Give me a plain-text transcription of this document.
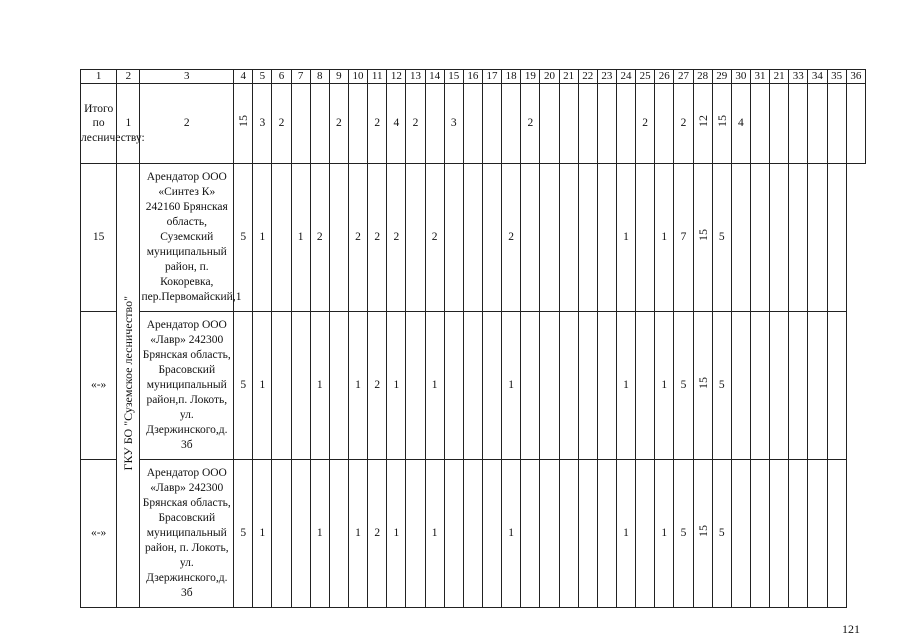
1	2	3	4	5	6	7	8	9	10	11	12	13	14	15	16	17	18	19	20	21	22	23	24	25	26	27	28	29	30	31	21	33	34	35	36
Итого по лесничеству:	1	2	15	3	2			2		2	4	2		3				2						2		2	12	15	4						
15	ГКУ БО "Суземское лесничество"	Арендатор ООО «Синтез К» 242160 Брянская область, Суземский муниципальный район, п. Кокоревка, пер.Первомайский,1	5	1		1	2		2	2	2		2				2						1		1	7	15	5							
«-»		Арендатор ООО «Лавр» 242300 Брянская область, Брасовский муниципальный район,п. Локоть, ул. Дзержинского,д. 3б	5	1			1		1	2	1		1				1						1		1	5	15	5							
«-»		Арендатор ООО «Лавр» 242300 Брянская область, Брасовский муниципальный район, п. Локоть, ул. Дзержинского,д. 3б	5	1			1		1	2	1		1				1						1		1	5	15	5							
121
